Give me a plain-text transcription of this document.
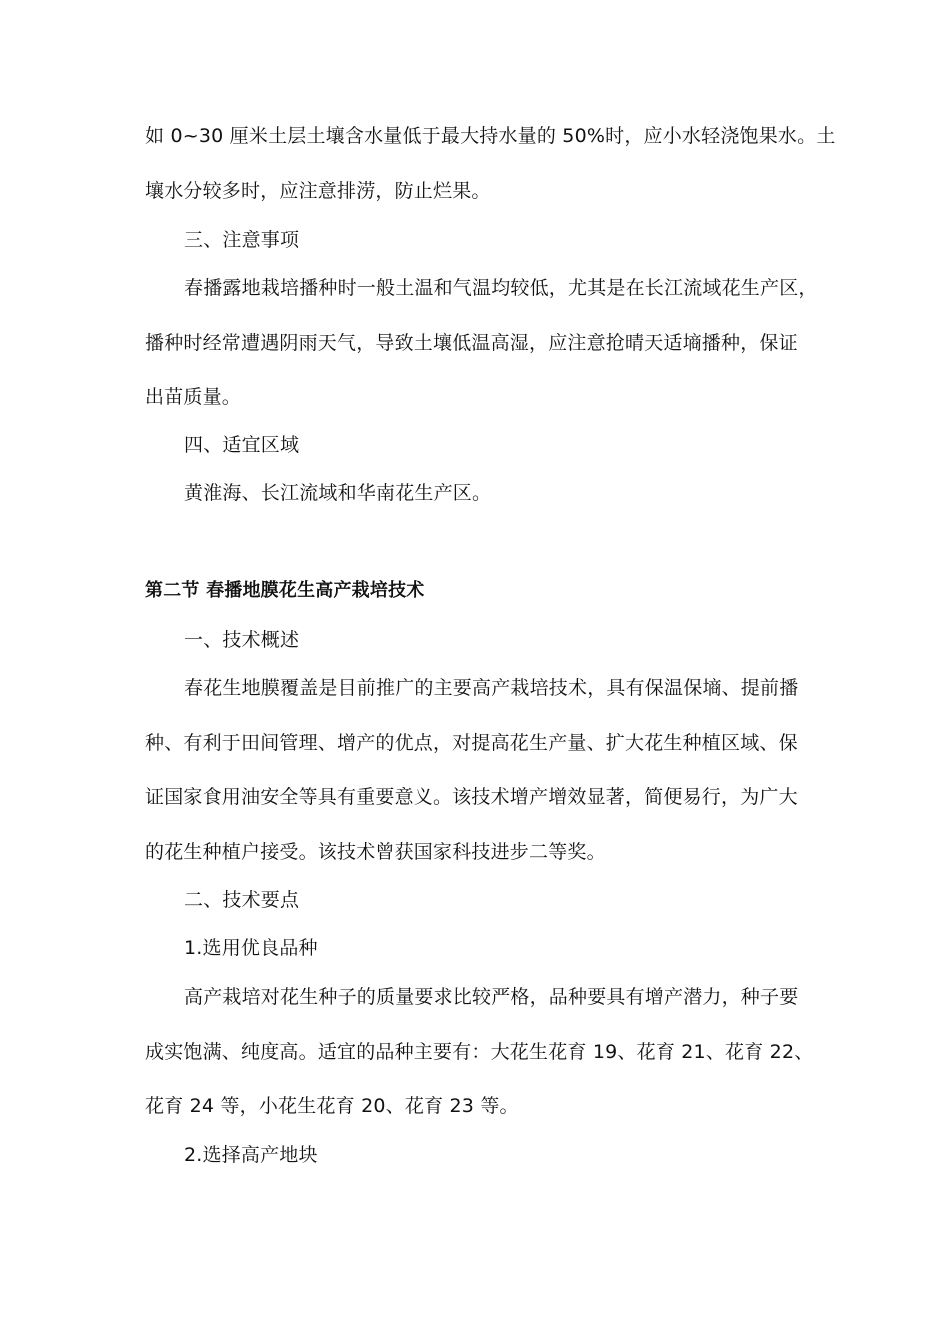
如 0~30 厘米土层土壤含水量低于最大持水量的 50%时，应小水轻浇饱果水。土
壤水分较多时，应注意排涝，防止烂果。
三、注意事项
春播露地栽培播种时一般土温和气温均较低，尤其是在长江流域花生产区，
播种时经常遭遇阴雨天气，导致土壤低温高湿，应注意抢晴天适墒播种，保证
出苗质量。
四、适宜区域
黄淮海、长江流域和华南花生产区。
第二节 春播地膜花生高产栽培技术
一、技术概述
春花生地膜覆盖是目前推广的主要高产栽培技术，具有保温保墒、提前播
种、有利于田间管理、增产的优点，对提高花生产量、扩大花生种植区域、保
证国家食用油安全等具有重要意义。该技术增产增效显著，简便易行，为广大
的花生种植户接受。该技术曾获国家科技进步二等奖。
二、技术要点
1.选用优良品种
高产栽培对花生种子的质量要求比较严格，品种要具有增产潜力，种子要
成实饱满、纯度高。适宜的品种主要有：大花生花育 19、花育 21、花育 22、
花育 24 等，小花生花育 20、花育 23 等。
2.选择高产地块
